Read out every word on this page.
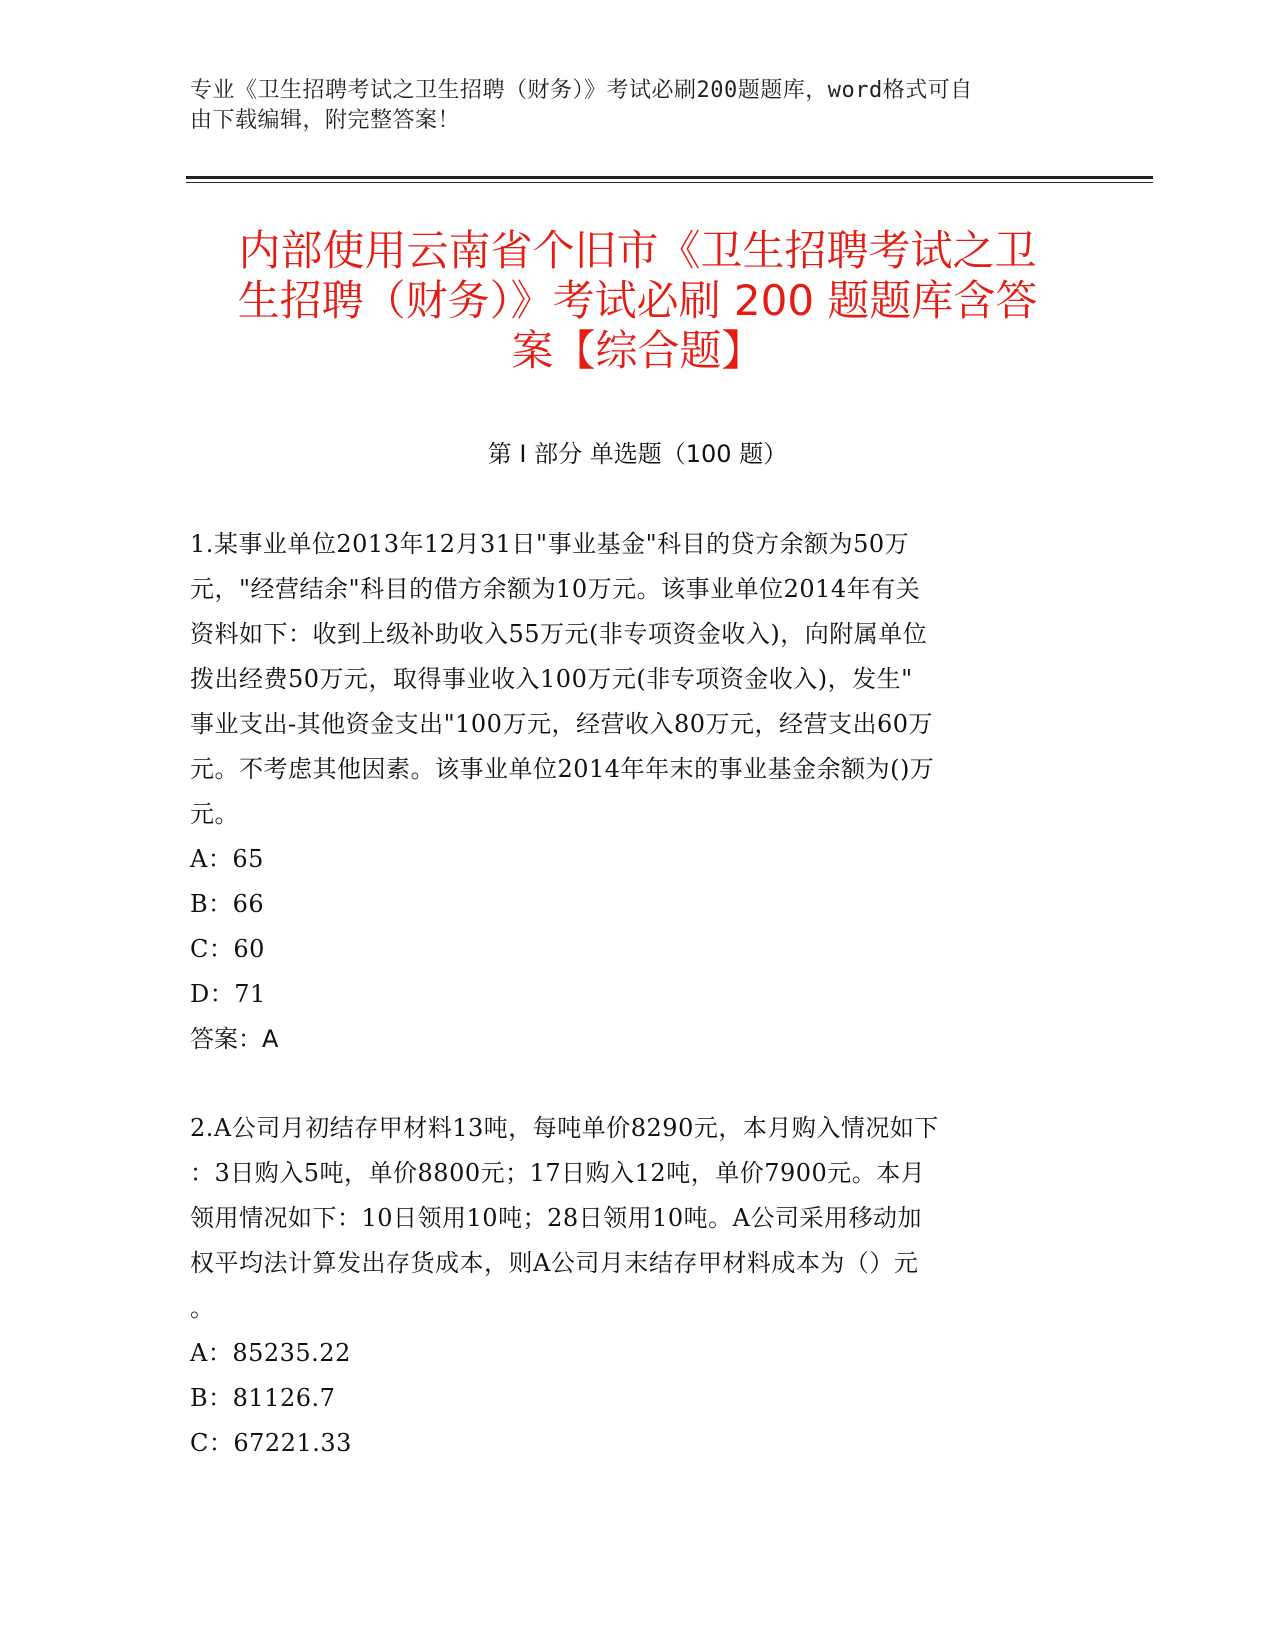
专业《卫生招聘考试之卫生招聘（财务）》考试必刷200题题库，word格式可自
由下载编辑，附完整答案！
内部使用云南省个旧市《卫生招聘考试之卫
生招聘（财务）》考试必刷 200 题题库含答
案【综合题】
第 I 部分 单选题（100 题）

1.某事业单位2013年12月31日"事业基金"科目的贷方余额为50万

元，"经营结余"科目的借方余额为10万元。该事业单位2014年有关

资料如下：收到上级补助收入55万元(非专项资金收入)，向附属单位

拨出经费50万元，取得事业收入100万元(非专项资金收入)，发生"

事业支出-其他资金支出"100万元，经营收入80万元，经营支出60万

元。不考虑其他因素。该事业单位2014年年末的事业基金余额为()万

元。

A：65

B：66

C：60

D：71

答案：A

2.A公司月初结存甲材料13吨，每吨单价8290元，本月购入情况如下

：3日购入5吨，单价8800元；17日购入12吨，单价7900元。本月

领用情况如下：10日领用10吨；28日领用10吨。A公司采用移动加

权平均法计算发出存货成本，则A公司月末结存甲材料成本为（）元

。

A：85235.22

B：81126.7

C：67221.33
